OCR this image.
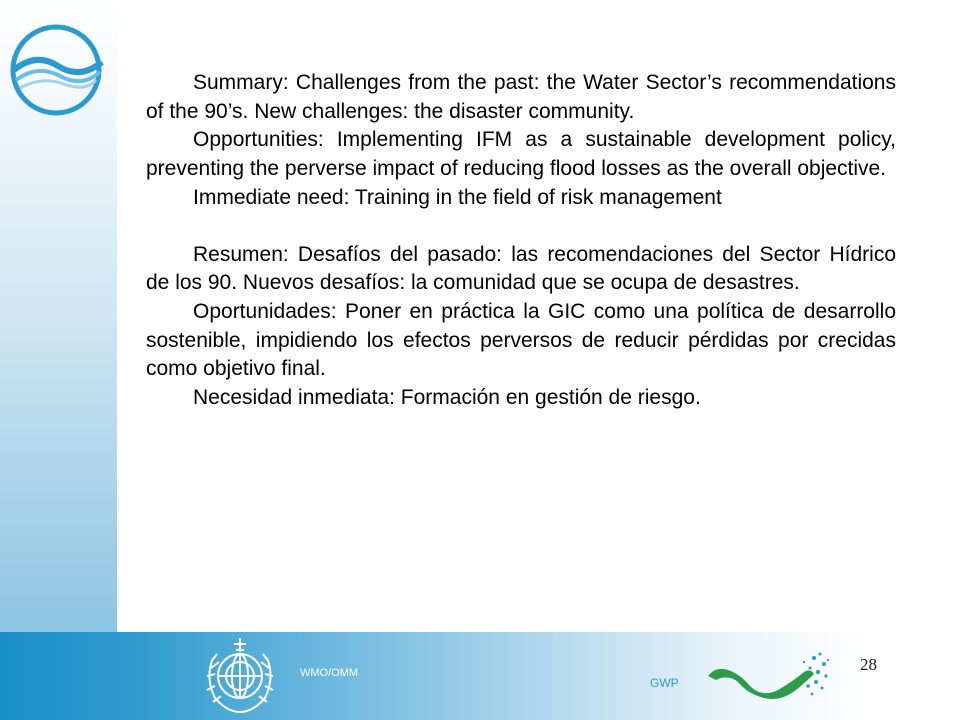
Summary: Challenges from the past: the Water Sector’s recommendations of the 90’s. New challenges: the disaster community.

Opportunities: Implementing IFM as a sustainable development policy, preventing the perverse impact of reducing flood losses as the overall objective.

Immediate need: Training in the field of risk management

Resumen: Desafíos del pasado: las recomendaciones del Sector Hídrico de los 90. Nuevos desafíos: la comunidad que se ocupa de desastres.

Oportunidades: Poner en práctica la GIC como una política de desarrollo sostenible, impidiendo los efectos perversos de reducir pérdidas por crecidas como objetivo final.

Necesidad inmediata: Formación en gestión de riesgo.

WMO/OMM
GWP
28
